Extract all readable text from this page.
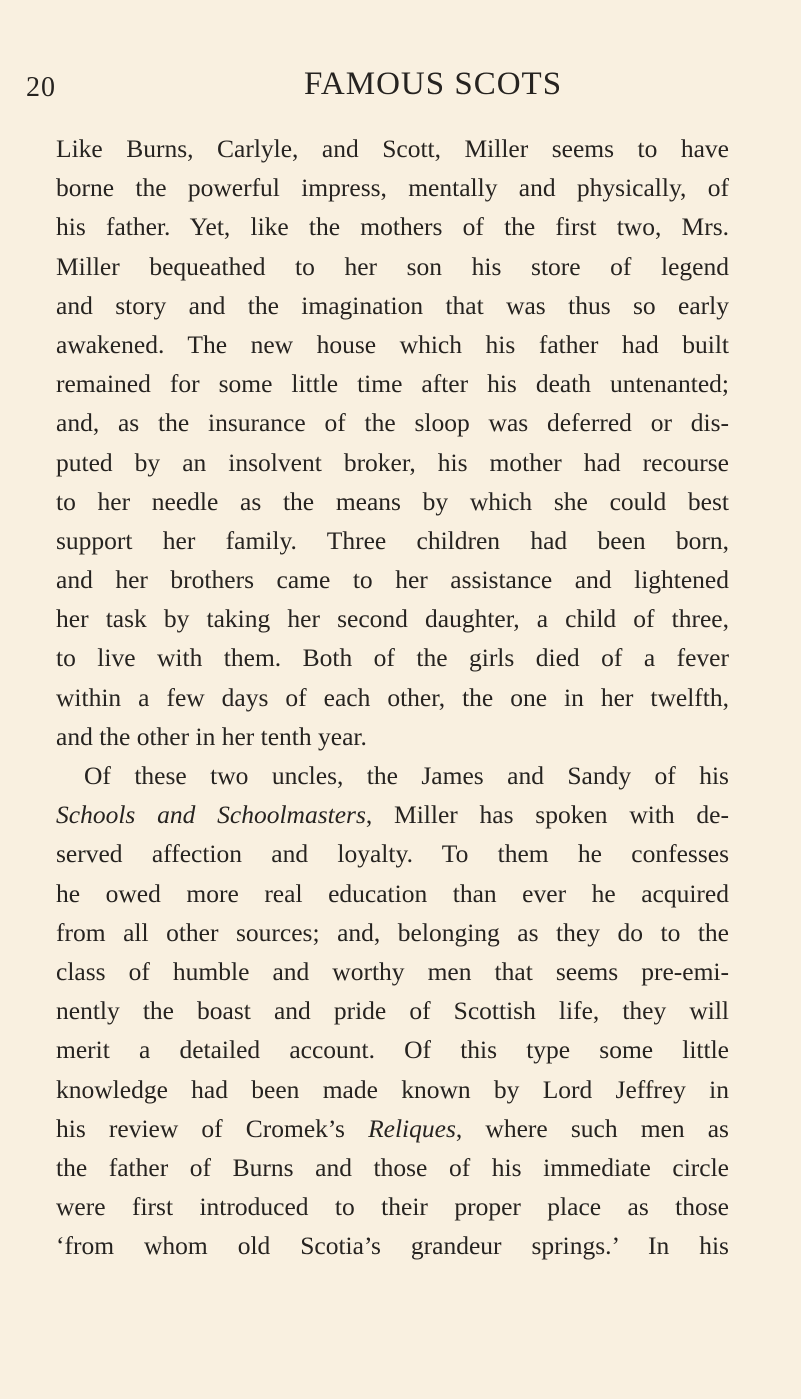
20	FAMOUS SCOTS
Like Burns, Carlyle, and Scott, Miller seems to have
borne the powerful impress, mentally and physically, of
his father. Yet, like the mothers of the first two, Mrs.
Miller bequeathed to her son his store of legend
and story and the imagination that was thus so early
awakened. The new house which his father had built
remained for some little time after his death untenanted;
and, as the insurance of the sloop was deferred or dis-
puted by an insolvent broker, his mother had recourse
to her needle as the means by which she could best
support her family. Three children had been born,
and her brothers came to her assistance and lightened
her task by taking her second daughter, a child of three,
to live with them. Both of the girls died of a fever
within a few days of each other, the one in her twelfth,
and the other in her tenth year.
Of these two uncles, the James and Sandy of his
Schools and Schoolmasters, Miller has spoken with de-
served affection and loyalty. To them he confesses
he owed more real education than ever he acquired
from all other sources; and, belonging as they do to the
class of humble and worthy men that seems pre-emi-
nently the boast and pride of Scottish life, they will
merit a detailed account. Of this type some little
knowledge had been made known by Lord Jeffrey in
his review of Cromek’s Reliques, where such men as
the father of Burns and those of his immediate circle
were first introduced to their proper place as those
‘from whom old Scotia’s grandeur springs.’ In his
